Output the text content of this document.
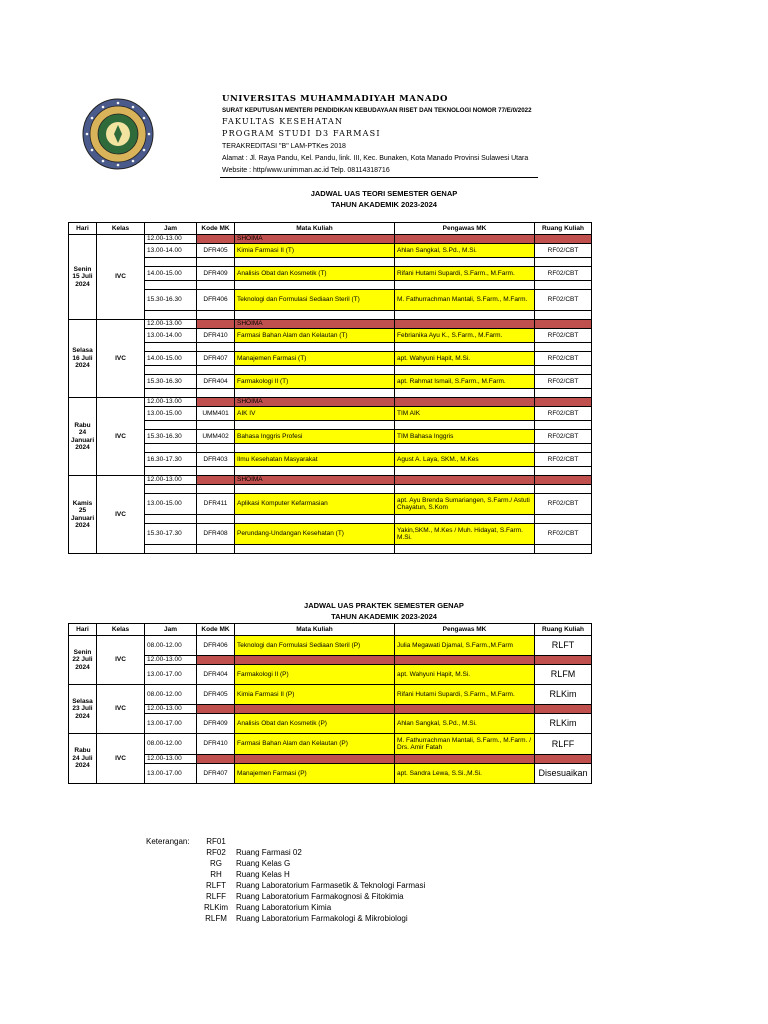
UNIVERSITAS MUHAMMADIYAH MANADO
SURAT KEPUTUSAN MENTERI PENDIDIKAN KEBUDAYAAN RISET DAN TEKNOLOGI NOMOR 77/E/0/2022
FAKULTAS KESEHATAN
PROGRAM STUDI D3 FARMASI
TERAKREDITASI "B" LAM-PTKes 2018
Alamat : Jl. Raya Pandu, Kel. Pandu, link. III, Kec. Bunaken, Kota Manado Provinsi Sulawesi Utara
Website : http/www.unimman.ac.id Telp. 08114318716
JADWAL UAS TEORI SEMESTER GENAP
TAHUN AKADEMIK 2023-2024
Hari	Kelas	Jam	Kode MK	Mata Kuliah	Pengawas MK	Ruang Kuliah
Senin 15 Juli 2024	IVC	12.00-13.00		SHOIMA		
		13.00-14.00	DFR405	Kimia Farmasi II (T)	Ahlan Sangkal, S.Pd., M.Si.	RF02/CBT

		14.00-15.00	DFR409	Analisis Obat dan Kosmetik (T)	Rifani Hutami Supardi, S.Farm., M.Farm.	RF02/CBT

		15.30-16.30	DFR406	Teknologi dan Formulasi Sediaan Steril (T)	M. Fathurrachman Mantali, S.Farm., M.Farm.	RF02/CBT

Selasa 16 Juli 2024	IVC	12.00-13.00		SHOIMA		
		13.00-14.00	DFR410	Farmasi Bahan Alam dan Kelautan (T)	Febrianika Ayu K., S.Farm., M.Farm.	RF02/CBT

		14.00-15.00	DFR407	Manajemen Farmasi (T)	apt. Wahyuni Hapit, M.Si.	RF02/CBT

		15.30-16.30	DFR404	Farmakologi II (T)	apt. Rahmat Ismail, S.Farm., M.Farm.	RF02/CBT

Rabu 24 Januari 2024	IVC	12.00-13.00		SHOIMA		
		13.00-15.00	UMM401	AIK IV	TIM AIK	RF02/CBT

		15.30-16.30	UMM402	Bahasa Inggris Profesi	TIM Bahasa Inggris	RF02/CBT

		16.30-17.30	DFR403	Ilmu Kesehatan Masyarakat	Agust A. Laya, SKM., M.Kes	RF02/CBT

Kamis 25 Januari 2024	IVC	12.00-13.00		SHOIMA		

		13.00-15.00	DFR411	Aplikasi Komputer Kefarmasian	apt. Ayu Brenda Sumariangen, S.Farm./ Astuti Chayatun, S.Kom	RF02/CBT

		15.30-17.30	DFR408	Perundang-Undangan Kesehatan (T)	Yakin,SKM., M.Kes / Muh. Hidayat, S.Farm. M.Si.	RF02/CBT

JADWAL UAS PRAKTEK SEMESTER GENAP
TAHUN AKADEMIK 2023-2024
Hari	Kelas	Jam	Kode MK	Mata Kuliah	Pengawas MK	Ruang Kuliah
Senin 22 Juli 2024	IVC	08.00-12.00	DFR406	Teknologi dan Formulasi Sediaan Steril (P)	Julia Megawati Djamal, S.Farm.,M.Farm	RLFT
		12.00-13.00				
		13.00-17.00	DFR404	Farmakologi II (P)	apt. Wahyuni Hapit, M.Si.	RLFM
Selasa 23 Juli 2024	IVC	08.00-12.00	DFR405	Kimia Farmasi II (P)	Rifani Hutami Supardi, S.Farm., M.Farm.	RLKim
		12.00-13.00				
		13.00-17.00	DFR409	Analisis Obat dan Kosmetik (P)	Ahlan Sangkal, S.Pd., M.Si.	RLKim
Rabu 24 Juli 2024	IVC	08.00-12.00	DFR410	Farmasi Bahan Alam dan Kelautan (P)	M. Fathurrachman Mantali, S.Farm., M.Farm. / Drs. Amir Fatah	RLFF
		12.00-13.00				
		13.00-17.00	DFR407	Manajemen Farmasi (P)	apt. Sandra Lewa, S.Si.,M.Si.	Disesuaikan
Keterangan:	RF01
RF02 Ruang Farmasi 02
RG Ruang Kelas G
RH Ruang Kelas H
RLFT Ruang Laboratorium Farmasetik & Teknologi Farmasi
RLFF Ruang Laboratorium Farmakognosi & Fitokimia
RLKim Ruang Laboratorium Kimia
RLFM Ruang Laboratorium Farmakologi & Mikrobiologi
